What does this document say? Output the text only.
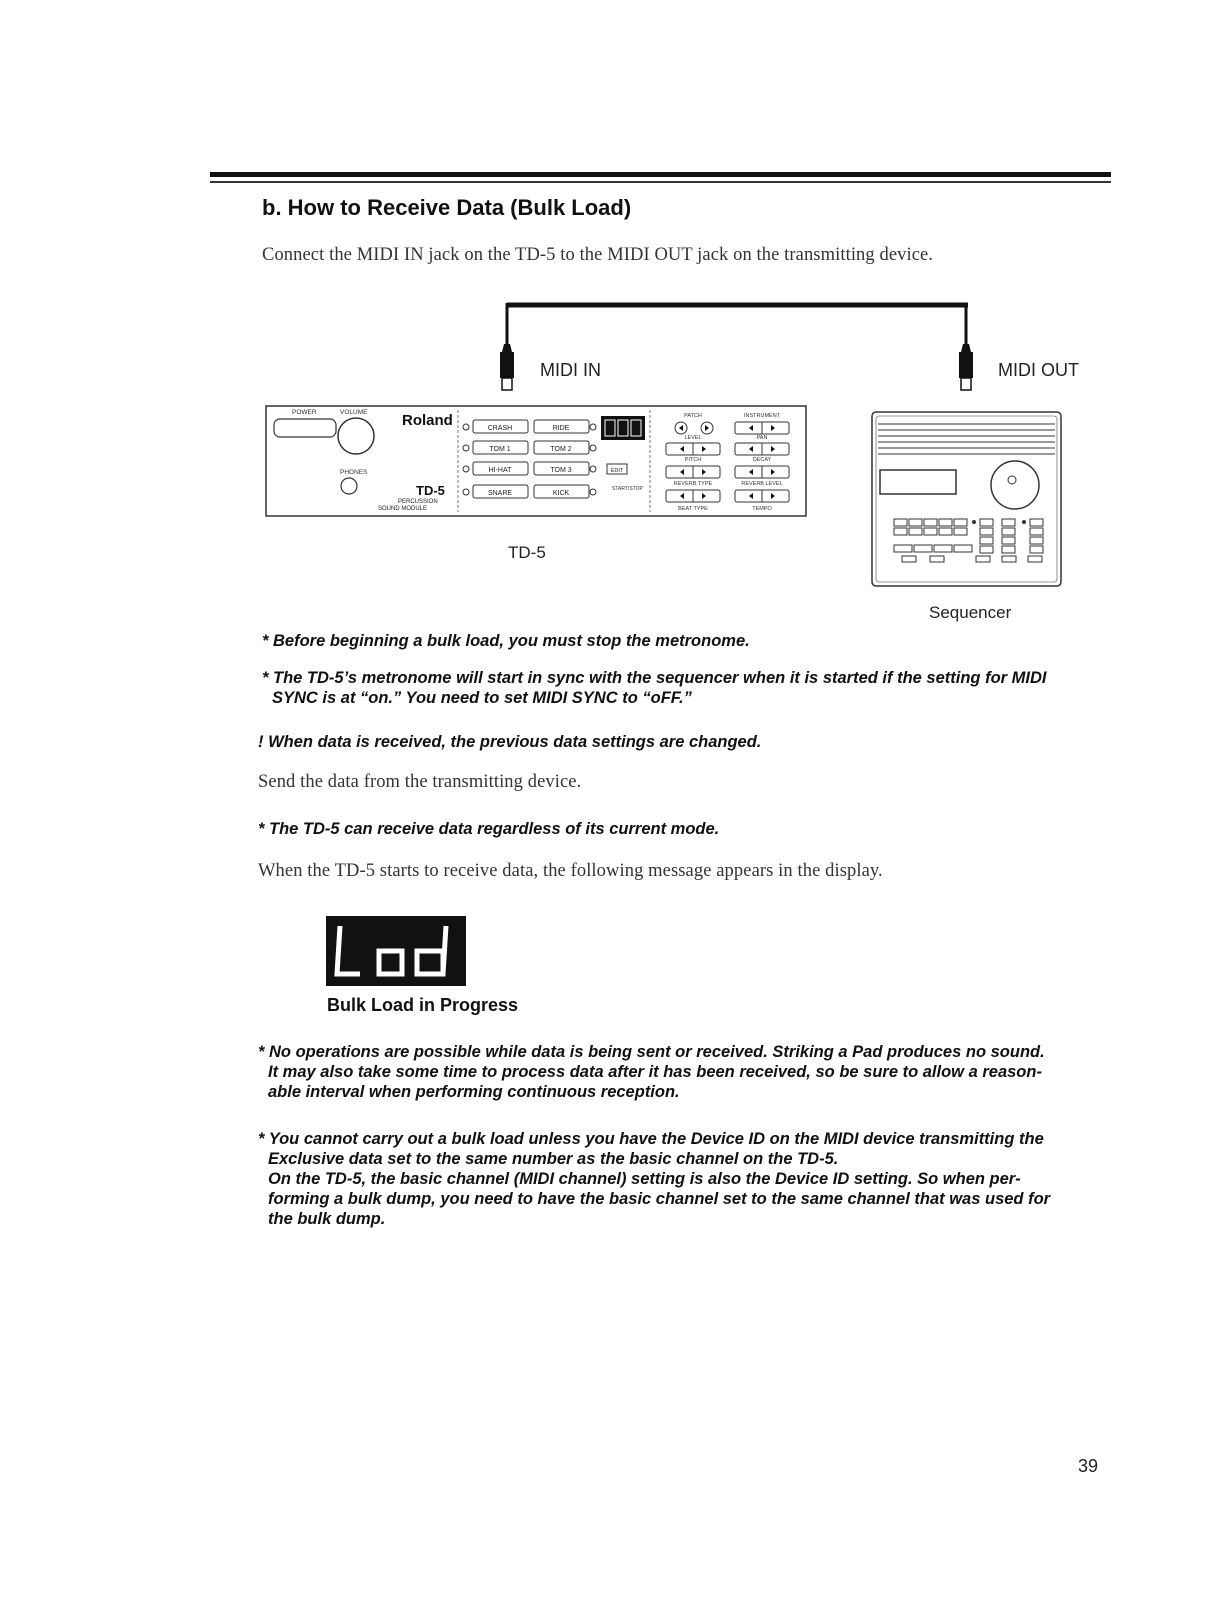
b. How to Receive Data (Bulk Load)
Connect the MIDI IN jack on the TD-5 to the MIDI OUT jack on the transmitting device.
MIDI IN	MIDI OUT
POWER	VOLUME
PHONES
Roland
TD-5
PERCUSSION
SOUND MODULE
CRASH	RIDE
TOM 1	TOM 2
HI-HAT	TOM 3
SNARE	KICK
EDIT
START/STOP
PATCH	INSTRUMENT
LEVEL	PAN
PITCH	DECAY
REVERB TYPE	REVERB LEVEL
BEAT TYPE	TEMPO
TD-5
Sequencer
* Before beginning a bulk load, you must stop the metronome.
* The TD-5’s metronome will start in sync with the sequencer when it is started if the setting for MIDI
SYNC is at “on.” You need to set MIDI SYNC to “oFF.”
! When data is received, the previous data settings are changed.
Send the data from the transmitting device.
* The TD-5 can receive data regardless of its current mode.
When the TD-5 starts to receive data, the following message appears in the display.
Lod
Bulk Load in Progress
* No operations are possible while data is being sent or received. Striking a Pad produces no sound.
It may also take some time to process data after it has been received, so be sure to allow a reason-
able interval when performing continuous reception.
* You cannot carry out a bulk load unless you have the Device ID on the MIDI device transmitting the
Exclusive data set to the same number as the basic channel on the TD-5.
On the TD-5, the basic channel (MIDI channel) setting is also the Device ID setting. So when per-
forming a bulk dump, you need to have the basic channel set to the same channel that was used for
the bulk dump.
39
